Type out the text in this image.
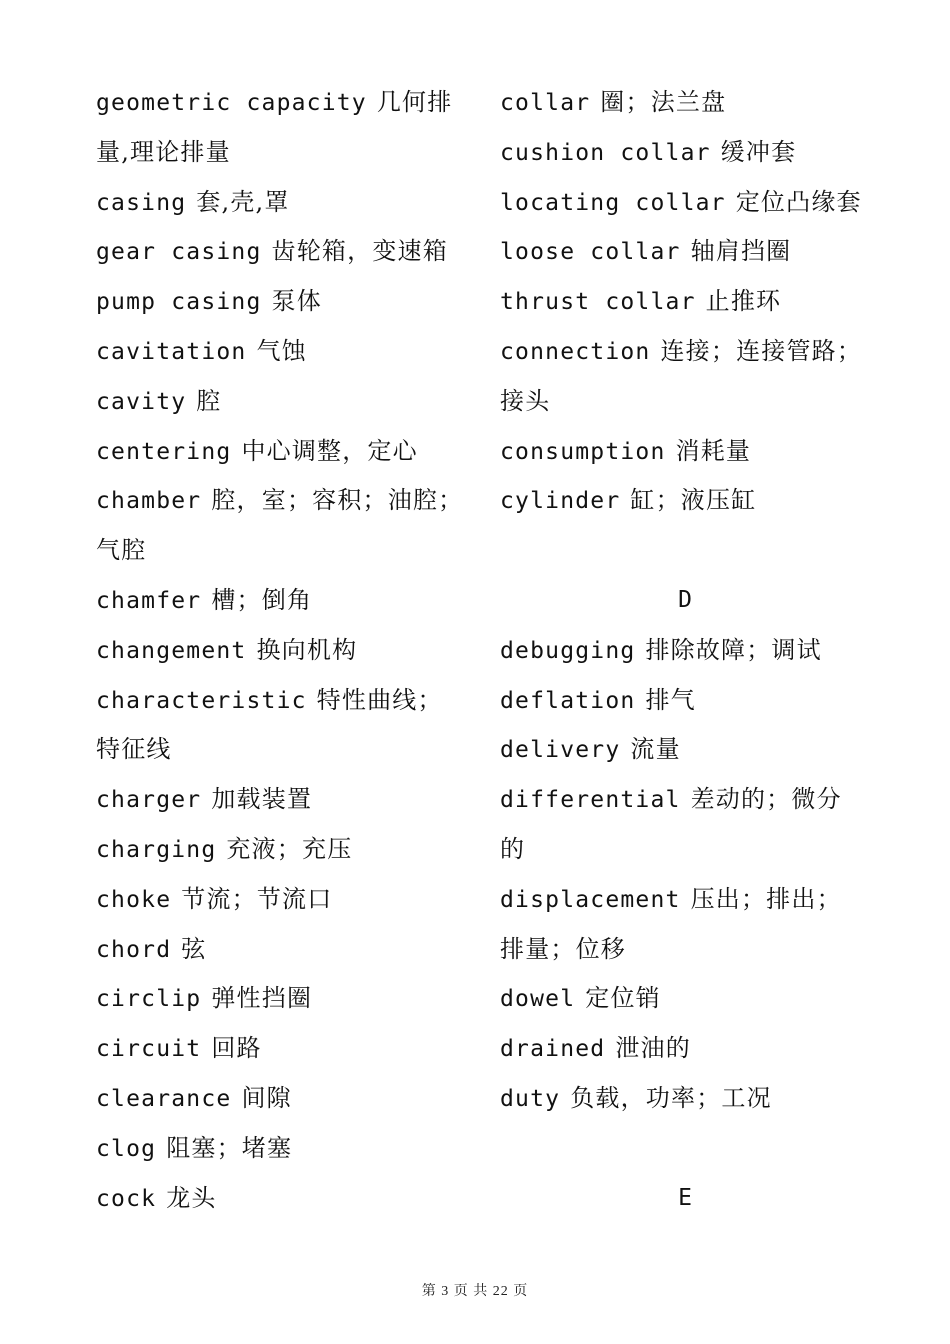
geometric capacity 几何排
量,理论排量
casing 套,壳,罩
gear casing 齿轮箱，变速箱
pump casing 泵体
cavitation 气蚀
cavity 腔
centering 中心调整，定心
chamber 腔，室；容积；油腔；
气腔
chamfer 槽；倒角
changement 换向机构
characteristic 特性曲线；
特征线
charger 加载装置
charging 充液；充压
choke 节流；节流口
chord 弦
circlip 弹性挡圈
circuit 回路
clearance 间隙
clog 阻塞；堵塞
cock 龙头
collar 圈；法兰盘
cushion collar 缓冲套
locating collar 定位凸缘套
loose collar 轴肩挡圈
thrust collar 止推环
connection 连接；连接管路；
接头
consumption 消耗量
cylinder 缸；液压缸
D
debugging 排除故障；调试
deflation 排气
delivery 流量
differential 差动的；微分
的
displacement 压出；排出；
排量；位移
dowel 定位销
drained 泄油的
duty 负载，功率；工况
E
第 3 页 共 22 页
